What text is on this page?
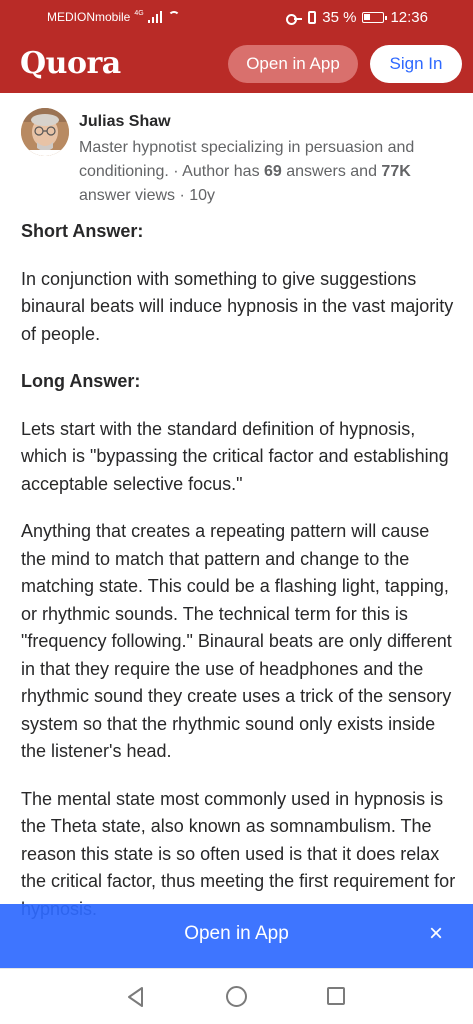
MEDIONmobile 4G	35 % 12:36
Quora	Open in App	Sign In
Julias Shaw
Master hypnotist specializing in persuasion and conditioning. · Author has 69 answers and 77K answer views · 10y

Short Answer:

In conjunction with something to give suggestions binaural beats will induce hypnosis in the vast majority of people.

Long Answer:

Lets start with the standard definition of hypnosis, which is "bypassing the critical factor and establishing acceptable selective focus."

Anything that creates a repeating pattern will cause the mind to match that pattern and change to the matching state. This could be a flashing light, tapping, or rhythmic sounds. The technical term for this is "frequency following." Binaural beats are only different in that they require the use of headphones and the rhythmic sound they create uses a trick of the sensory system so that the rhythmic sound only exists inside the listener's head.

The mental state most commonly used in hypnosis is the Theta state, also known as somnambulism. The reason this state is so often used is that it does relax the critical factor, thus meeting the first requirement for

Open in App	×
